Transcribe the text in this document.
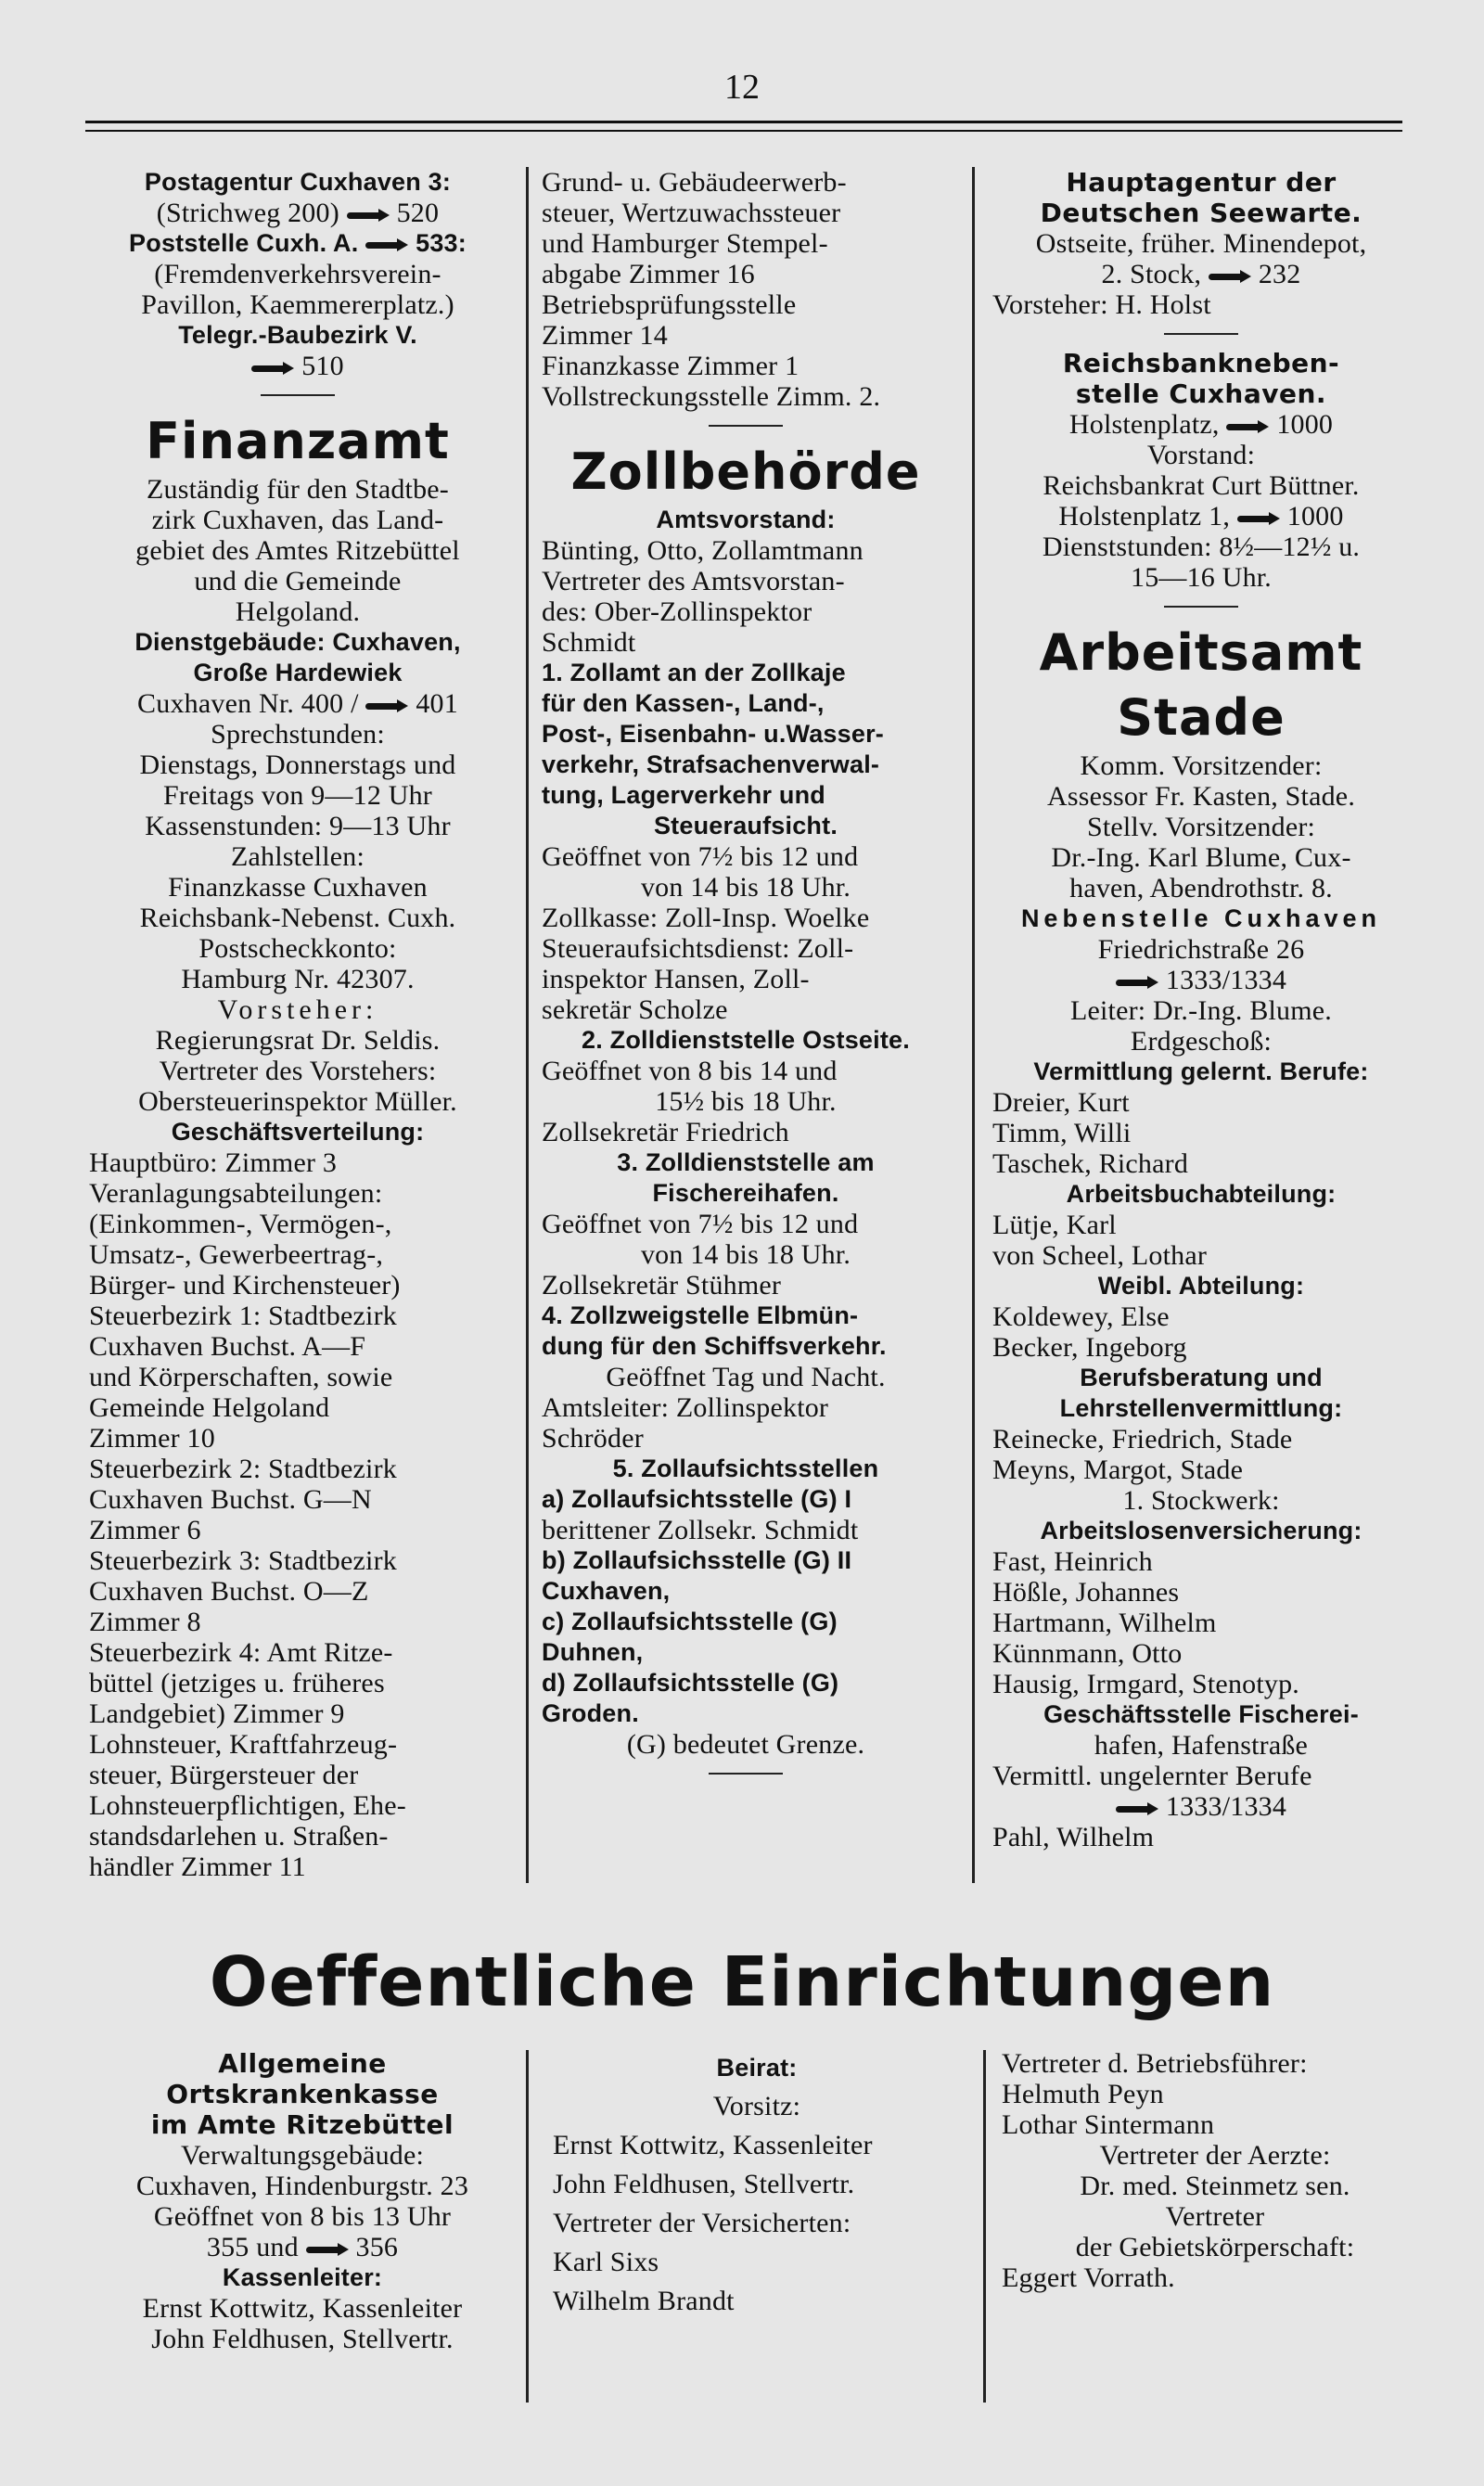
12
Postagentur Cuxhaven 3:
(Strichweg 200) 520
Poststelle Cuxh. A. 533:
(Fremdenverkehrsverein-
Pavillon, Kaemmererplatz.)
Telegr.-Baubezirk V.
510
Finanzamt
Zuständig für den Stadtbe-
zirk Cuxhaven, das Land-
gebiet des Amtes Ritzebüttel
und die Gemeinde
Helgoland.
Dienstgebäude: Cuxhaven,
Große Hardewiek
Cuxhaven Nr. 400 / 401
Sprechstunden:
Dienstags, Donnerstags und
Freitags von 9—12 Uhr
Kassenstunden: 9—13 Uhr
Zahlstellen:
Finanzkasse Cuxhaven
Reichsbank-Nebenst. Cuxh.
Postscheckkonto:
Hamburg Nr. 42307.
Vorsteher:
Regierungsrat Dr. Seldis.
Vertreter des Vorstehers:
Obersteuerinspektor Müller.
Geschäftsverteilung:
Hauptbüro: Zimmer 3
Veranlagungsabteilungen:
(Einkommen-, Vermögen-,
Umsatz-, Gewerbeertrag-,
Bürger- und Kirchensteuer)
Steuerbezirk 1: Stadtbezirk
Cuxhaven Buchst. A—F
und Körperschaften, sowie
Gemeinde Helgoland
Zimmer 10
Steuerbezirk 2: Stadtbezirk
Cuxhaven Buchst. G—N
Zimmer 6
Steuerbezirk 3: Stadtbezirk
Cuxhaven Buchst. O—Z
Zimmer 8
Steuerbezirk 4: Amt Ritze-
büttel (jetziges u. früheres
Landgebiet) Zimmer 9
Lohnsteuer, Kraftfahrzeug-
steuer, Bürgersteuer der
Lohnsteuerpflichtigen, Ehe-
standsdarlehen u. Straßen-
händler Zimmer 11
Grund- u. Gebäudeerwerb-
steuer, Wertzuwachssteuer
und Hamburger Stempel-
abgabe Zimmer 16
Betriebsprüfungsstelle
Zimmer 14
Finanzkasse Zimmer 1
Vollstreckungsstelle Zimm. 2.
Zollbehörde
Amtsvorstand:
Bünting, Otto, Zollamtmann
Vertreter des Amtsvorstan-
des: Ober-Zollinspektor
Schmidt
1. Zollamt an der Zollkaje
für den Kassen-, Land-,
Post-, Eisenbahn- u.Wasser-
verkehr, Strafsachenverwal-
tung, Lagerverkehr und
Steueraufsicht.
Geöffnet von 7½ bis 12 und
von 14 bis 18 Uhr.
Zollkasse: Zoll-Insp. Woelke
Steueraufsichtsdienst: Zoll-
inspektor Hansen, Zoll-
sekretär Scholze
2. Zolldienststelle Ostseite.
Geöffnet von 8 bis 14 und
15½ bis 18 Uhr.
Zollsekretär Friedrich
3. Zolldienststelle am
Fischereihafen.
Geöffnet von 7½ bis 12 und
von 14 bis 18 Uhr.
Zollsekretär Stühmer
4. Zollzweigstelle Elbmün-
dung für den Schiffsverkehr.
Geöffnet Tag und Nacht.
Amtsleiter: Zollinspektor
Schröder
5. Zollaufsichtsstellen
a) Zollaufsichtsstelle (G) I
berittener Zollsekr. Schmidt
b) Zollaufsichsstelle (G) II
Cuxhaven,
c) Zollaufsichtsstelle (G)
Duhnen,
d) Zollaufsichtsstelle (G)
Groden.
(G) bedeutet Grenze.
Hauptagentur der
Deutschen Seewarte.
Ostseite, früher. Minendepot,
2. Stock, 232
Vorsteher: H. Holst
Reichsbankneben-
stelle Cuxhaven.
Holstenplatz, 1000
Vorstand:
Reichsbankrat Curt Büttner.
Holstenplatz 1, 1000
Dienststunden: 8½—12½ u.
15—16 Uhr.
Arbeitsamt
Stade
Komm. Vorsitzender:
Assessor Fr. Kasten, Stade.
Stellv. Vorsitzender:
Dr.-Ing. Karl Blume, Cux-
haven, Abendrothstr. 8.
Nebenstelle Cuxhaven
Friedrichstraße 26
1333/1334
Leiter: Dr.-Ing. Blume.
Erdgeschoß:
Vermittlung gelernt. Berufe:
Dreier, Kurt
Timm, Willi
Taschek, Richard
Arbeitsbuchabteilung:
Lütje, Karl
von Scheel, Lothar
Weibl. Abteilung:
Koldewey, Else
Becker, Ingeborg
Berufsberatung und
Lehrstellenvermittlung:
Reinecke, Friedrich, Stade
Meyns, Margot, Stade
1. Stockwerk:
Arbeitslosenversicherung:
Fast, Heinrich
Hößle, Johannes
Hartmann, Wilhelm
Künnmann, Otto
Hausig, Irmgard, Stenotyp.
Geschäftsstelle Fischerei-
hafen, Hafenstraße
Vermittl. ungelernter Berufe
1333/1334
Pahl, Wilhelm
Oeffentliche Einrichtungen
Allgemeine
Ortskrankenkasse
im Amte Ritzebüttel
Verwaltungsgebäude:
Cuxhaven, Hindenburgstr. 23
Geöffnet von 8 bis 13 Uhr
355 und 356
Kassenleiter:
Ernst Kottwitz, Kassenleiter
John Feldhusen, Stellvertr.
Beirat:
Vorsitz:
Ernst Kottwitz, Kassenleiter
John Feldhusen, Stellvertr.
Vertreter der Versicherten:
Karl Sixs
Wilhelm Brandt
Vertreter d. Betriebsführer:
Helmuth Peyn
Lothar Sintermann
Vertreter der Aerzte:
Dr. med. Steinmetz sen.
Vertreter
der Gebietskörperschaft:
Eggert Vorrath.
